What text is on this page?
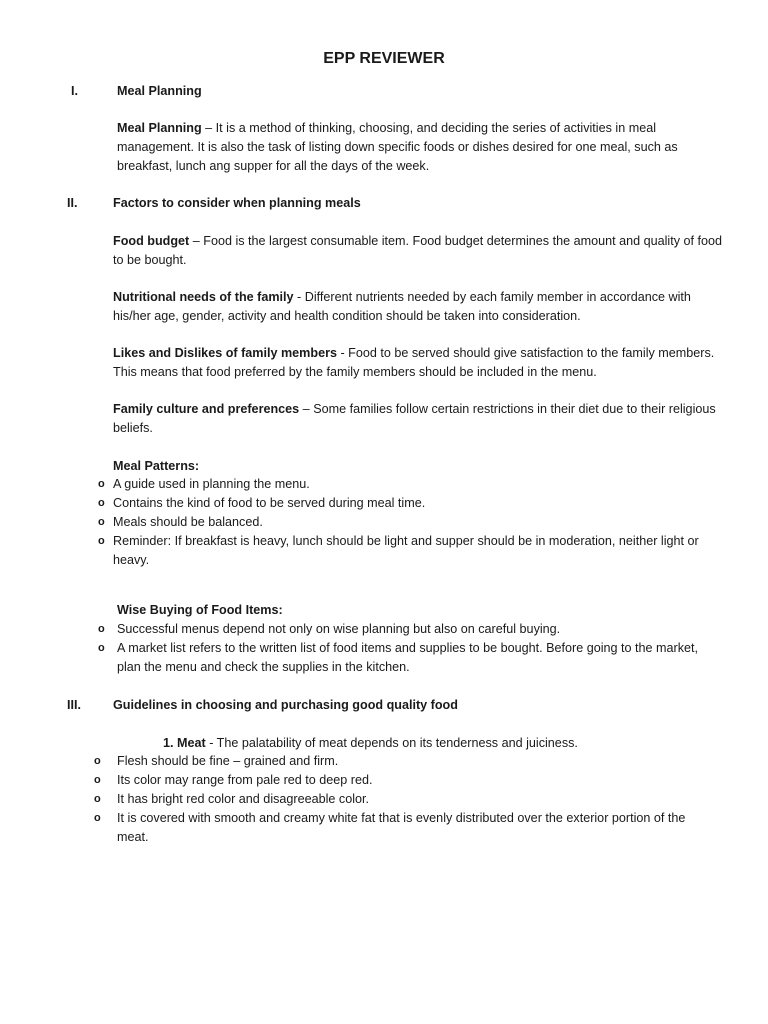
EPP REVIEWER
I.	Meal Planning
Meal Planning – It is a method of thinking, choosing, and deciding the series of activities in meal management. It is also the task of listing down specific foods or dishes desired for one meal, such as breakfast, lunch ang supper for all the days of the week.
II.	Factors to consider when planning meals
Food budget – Food is the largest consumable item. Food budget determines the amount and quality of food to be bought.
Nutritional needs of the family - Different nutrients needed by each family member in accordance with his/her age, gender, activity and health condition should be taken into consideration.
Likes and Dislikes of family members - Food to be served should give satisfaction to the family members. This means that food preferred by the family members should be included in the menu.
Family culture and preferences – Some families follow certain restrictions in their diet due to their religious beliefs.
Meal Patterns:
o A guide used in planning the menu.
o Contains the kind of food to be served during meal time.
o Meals should be balanced.
o Reminder: If breakfast is heavy, lunch should be light and supper should be in moderation, neither light or heavy.
Wise Buying of Food Items:
o Successful menus depend not only on wise planning but also on careful buying.
o A market list refers to the written list of food items and supplies to be bought. Before going to the market, plan the menu and check the supplies in the kitchen.
III.	Guidelines in choosing and purchasing good quality food
1. Meat - The palatability of meat depends on its tenderness and juiciness.
o Flesh should be fine – grained and firm.
o Its color may range from pale red to deep red.
o It has bright red color and disagreeable color.
o It is covered with smooth and creamy white fat that is evenly distributed over the exterior portion of the meat.
